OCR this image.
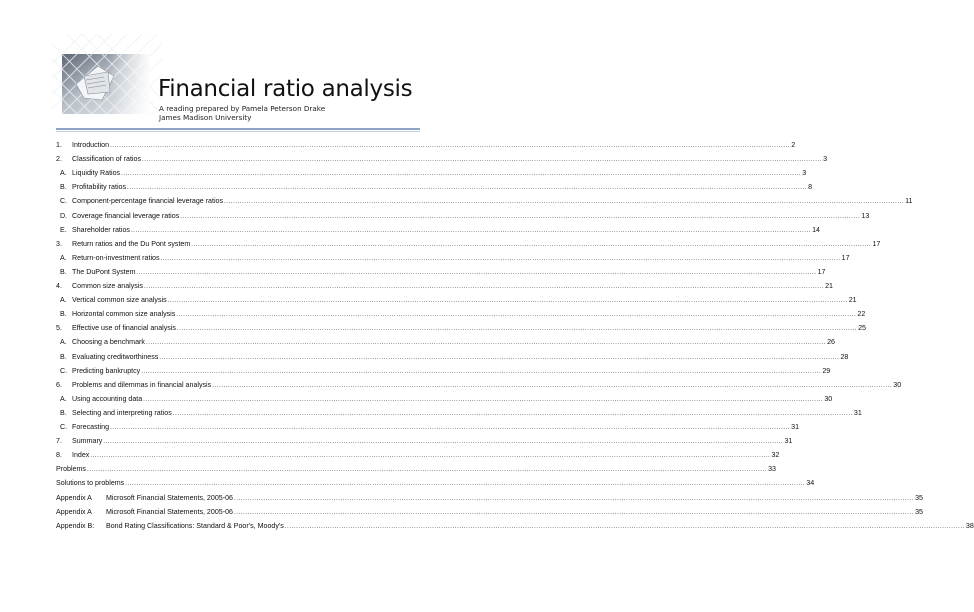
Financial ratio analysis
A reading prepared by Pamela Peterson Drake
James Madison University
1.	Introduction ............................................................................................................................................................................................................................................................................................................ 2
2.	Classification of ratios ............................................................................................................................................................................................................................................................................................................ 3
A. Liquidity Ratios ............................................................................................................................................................................................................................................................................................................ 3
B. Profitability ratios ............................................................................................................................................................................................................................................................................................................ 8
C. Component-percentage financial leverage ratios ............................................................................................................................................................................................................................................................................................................ 11
D. Coverage financial leverage ratios ............................................................................................................................................................................................................................................................................................................ 13
E. Shareholder ratios ............................................................................................................................................................................................................................................................................................................ 14
3.	Return ratios and the Du Pont system ............................................................................................................................................................................................................................................................................................................ 17
A. Return-on-investment ratios ............................................................................................................................................................................................................................................................................................................ 17
B. The DuPont System ............................................................................................................................................................................................................................................................................................................ 17
4.	Common size analysis ............................................................................................................................................................................................................................................................................................................ 21
A. Vertical common size analysis ............................................................................................................................................................................................................................................................................................................ 21
B. Horizontal common size analysis ............................................................................................................................................................................................................................................................................................................ 22
5.	Effective use of financial analysis ............................................................................................................................................................................................................................................................................................................ 25
A. Choosing a benchmark ............................................................................................................................................................................................................................................................................................................ 26
B. Evaluating creditworthiness ............................................................................................................................................................................................................................................................................................................ 28
C. Predicting bankruptcy ............................................................................................................................................................................................................................................................................................................ 29
6.	Problems and dilemmas in financial analysis ............................................................................................................................................................................................................................................................................................................ 30
A. Using accounting data ............................................................................................................................................................................................................................................................................................................ 30
B. Selecting and interpreting ratios ............................................................................................................................................................................................................................................................................................................ 31
C. Forecasting ............................................................................................................................................................................................................................................................................................................ 31
7.	Summary ............................................................................................................................................................................................................................................................................................................ 31
8.	Index ............................................................................................................................................................................................................................................................................................................ 32
Problems ............................................................................................................................................................................................................................................................................................................ 33
Solutions to problems ............................................................................................................................................................................................................................................................................................................ 34
Appendix A	Microsoft Financial Statements, 2005-06 ............................................................................................................................................................................................................................................................................................................ 35
Appendix A	Microsoft Financial Statements, 2005-06 ............................................................................................................................................................................................................................................................................................................ 35
Appendix B:	Bond Rating Classifications: Standard & Poor's, Moody's ............................................................................................................................................................................................................................................................................................................ 38
